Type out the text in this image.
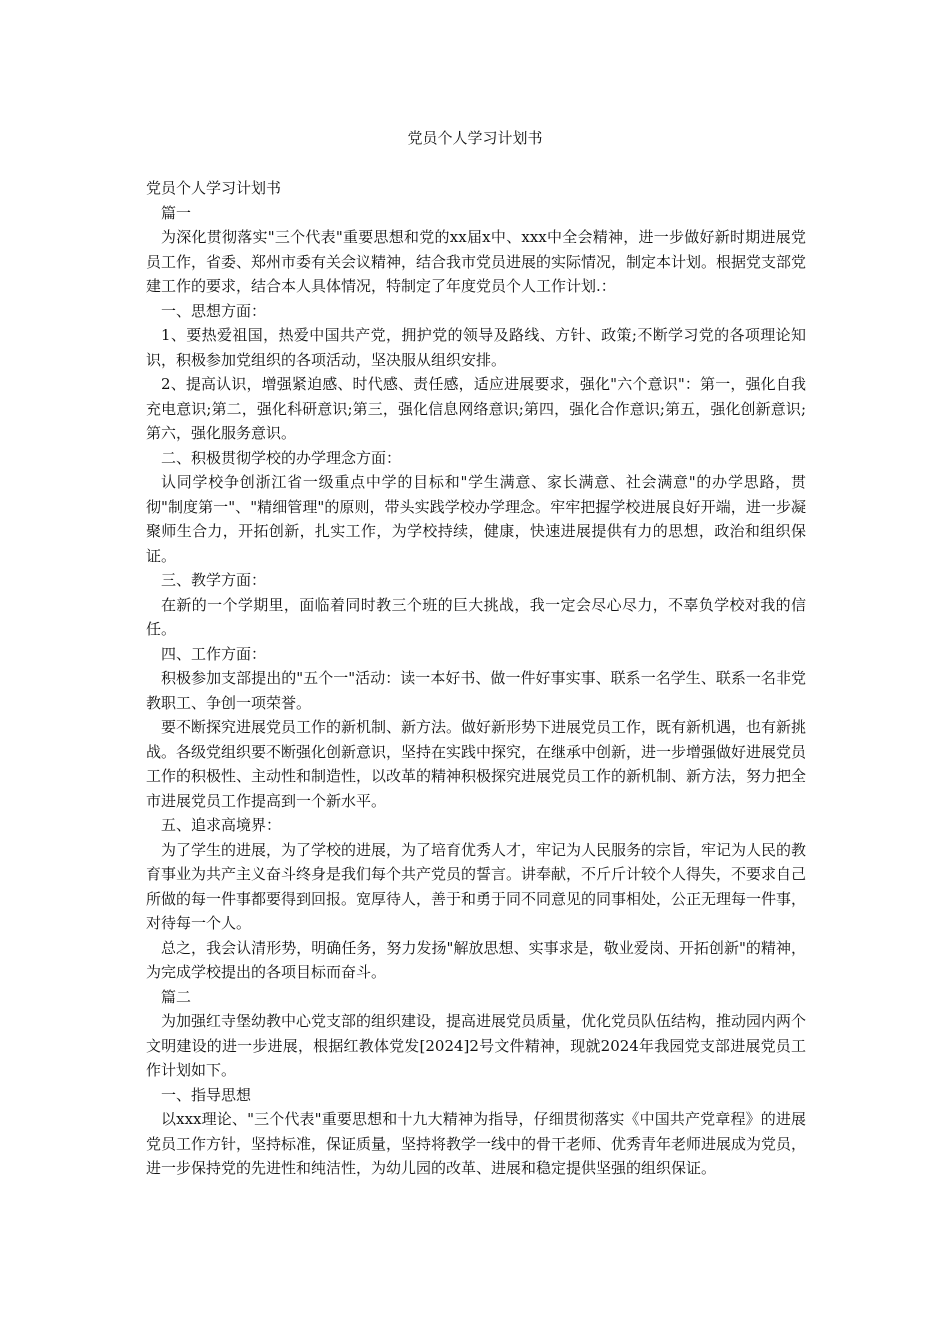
党员个人学习计划书

党员个人学习计划书

篇一

为深化贯彻落实"三个代表"重要思想和党的xx届x中、xxx中全会精神，进一步做好新时期进展党员工作，省委、郑州市委有关会议精神，结合我市党员进展的实际情况，制定本计划。根据党支部党建工作的要求，结合本人具体情况，特制定了年度党员个人工作计划.：

一、思想方面：

1、要热爱祖国，热爱中国共产党，拥护党的领导及路线、方针、政策;不断学习党的各项理论知识，积极参加党组织的各项活动，坚决服从组织安排。

2、提高认识，增强紧迫感、时代感、责任感，适应进展要求，强化"六个意识"：第一，强化自我充电意识;第二，强化科研意识;第三，强化信息网络意识;第四，强化合作意识;第五，强化创新意识;第六，强化服务意识。

二、积极贯彻学校的办学理念方面：

认同学校争创浙江省一级重点中学的目标和"学生满意、家长满意、社会满意"的办学思路，贯彻"制度第一"、"精细管理"的原则，带头实践学校办学理念。牢牢把握学校进展良好开端，进一步凝聚师生合力，开拓创新，扎实工作，为学校持续，健康，快速进展提供有力的思想，政治和组织保证。

三、教学方面：

在新的一个学期里，面临着同时教三个班的巨大挑战，我一定会尽心尽力，不辜负学校对我的信任。

四、工作方面：

积极参加支部提出的"五个一"活动：读一本好书、做一件好事实事、联系一名学生、联系一名非党教职工、争创一项荣誉。

要不断探究进展党员工作的新机制、新方法。做好新形势下进展党员工作，既有新机遇，也有新挑战。各级党组织要不断强化创新意识，坚持在实践中探究，在继承中创新，进一步增强做好进展党员工作的积极性、主动性和制造性，以改革的精神积极探究进展党员工作的新机制、新方法，努力把全市进展党员工作提高到一个新水平。

五、追求高境界：

为了学生的进展，为了学校的进展，为了培育优秀人才，牢记为人民服务的宗旨，牢记为人民的教育事业为共产主义奋斗终身是我们每个共产党员的誓言。讲奉献，不斤斤计较个人得失，不要求自己所做的每一件事都要得到回报。宽厚待人，善于和勇于同不同意见的同事相处，公正无理每一件事，对待每一个人。

总之，我会认清形势，明确任务，努力发扬"解放思想、实事求是，敬业爱岗、开拓创新"的精神，为完成学校提出的各项目标而奋斗。

篇二

为加强红寺堡幼教中心党支部的组织建设，提高进展党员质量，优化党员队伍结构，推动园内两个文明建设的进一步进展，根据红教体党发[2024]2号文件精神，现就2024年我园党支部进展党员工作计划如下。

一、指导思想

以xxx理论、"三个代表"重要思想和十九大精神为指导，仔细贯彻落实《中国共产党章程》的进展党员工作方针，坚持标准，保证质量，坚持将教学一线中的骨干老师、优秀青年老师进展成为党员，进一步保持党的先进性和纯洁性，为幼儿园的改革、进展和稳定提供坚强的组织保证。
